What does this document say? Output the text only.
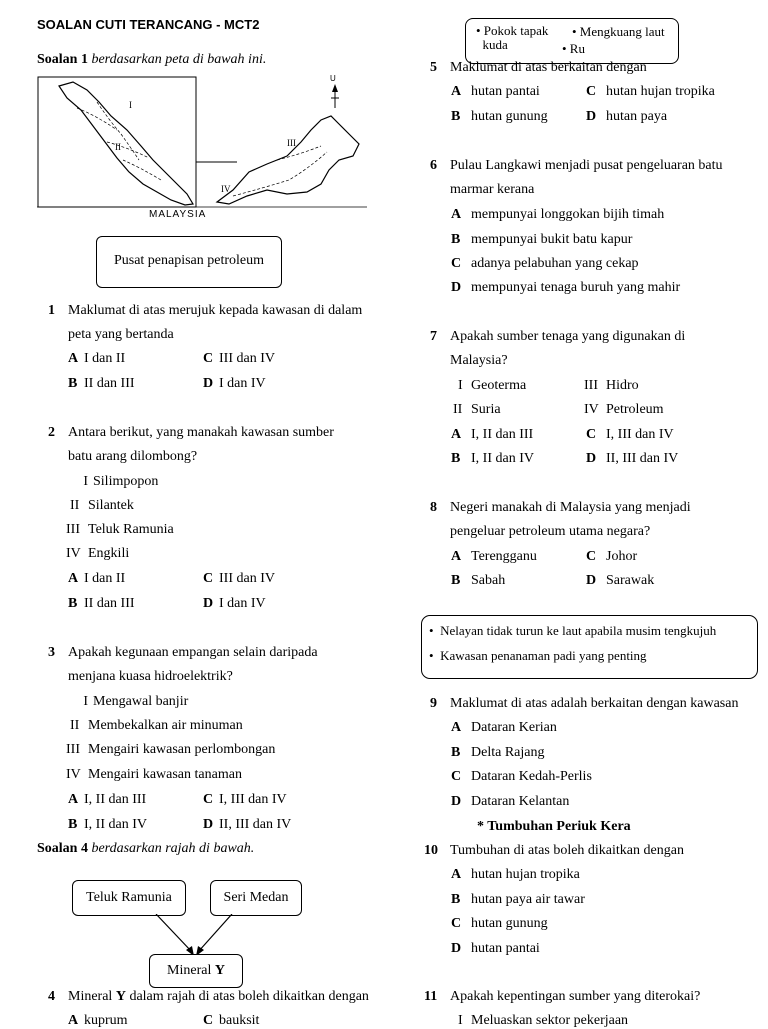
SOALAN CUTI TERANCANG - MCT2
Soalan 1 berdasarkan peta di bawah ini.
U
I
II	III
IV
MALAYSIA
Pusat penapisan petroleum
1 Maklumat di atas merujuk kepada kawasan di dalam
peta yang bertanda
A I dan II	C III dan IV
B II dan III	D I dan IV
2 Antara berikut, yang manakah kawasan sumber
batu arang dilombong?
I Silimpopon
II Silantek
III Teluk Ramunia
IV Engkili
A I dan II	C III dan IV
B II dan III	D I dan IV
3 Apakah kegunaan empangan selain daripada
menjana kuasa hidroelektrik?
I Mengawal banjir
II Membekalkan air minuman
III Mengairi kawasan perlombongan
IV Mengairi kawasan tanaman
A I, II dan III	C I, III dan IV
B I, II dan IV	D II, III dan IV
Soalan 4 berdasarkan rajah di bawah.
Teluk Ramunia	Seri Medan
Mineral Y
4 Mineral Y dalam rajah di atas boleh dikaitkan dengan
A kuprum	C bauksit
• Pokok tapak
kuda
• Mengkuang laut
• Ru
5 Maklumat di atas berkaitan dengan
A hutan pantai	C hutan hujan tropika
B hutan gunung	D hutan paya
6 Pulau Langkawi menjadi pusat pengeluaran batu
marmar kerana
A mempunyai longgokan bijih timah
B mempunyai bukit batu kapur
C adanya pelabuhan yang cekap
D mempunyai tenaga buruh yang mahir
7 Apakah sumber tenaga yang digunakan di
Malaysia?
I Geoterma	III Hidro
II Suria	IV Petroleum
A I, II dan III	C I, III dan IV
B I, II dan IV	D II, III dan IV
8 Negeri manakah di Malaysia yang menjadi
pengeluar petroleum utama negara?
A Terengganu	C Johor
B Sabah	D Sarawak
•  Nelayan tidak turun ke laut apabila musim tengkujuh
•  Kawasan penanaman padi yang penting
9 Maklumat di atas adalah berkaitan dengan kawasan
A Dataran Kerian
B Delta Rajang
C Dataran Kedah-Perlis
D Dataran Kelantan
* Tumbuhan Periuk Kera
10 Tumbuhan di atas boleh dikaitkan dengan
A hutan hujan tropika
B hutan paya air tawar
C hutan gunung
D hutan pantai
11 Apakah kepentingan sumber yang diterokai?
I Meluaskan sektor pekerjaan
